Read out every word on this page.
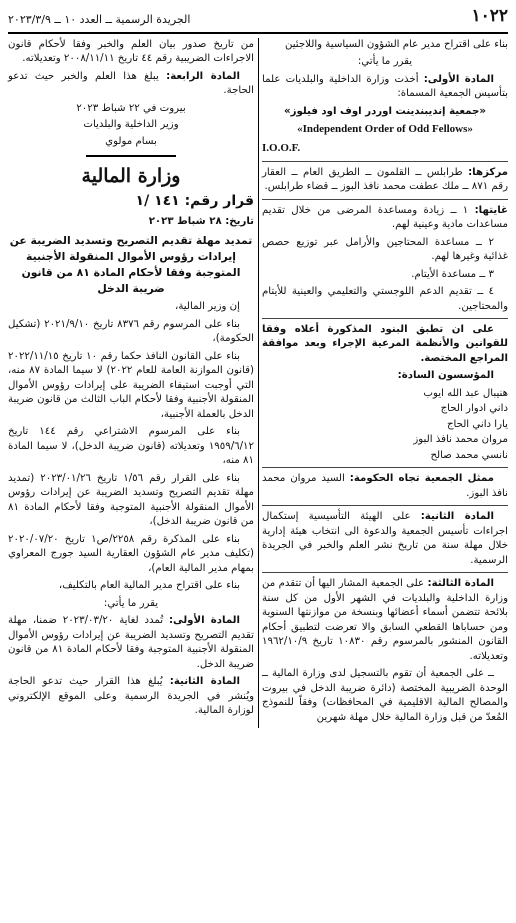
١٠٢٢
الجريدة الرسمية ــ العدد ١٠ ــ ٢٠٢٣/٣/٩

بناء على اقتراح مدير عام الشؤون السياسية واللاجئين

يقرر ما يأتي:

المادة الأولى: أخذت وزارة الداخلية والبلديات علما بتأسيس الجمعية المسماة:

«جمعية إنديبندينت اوردر اوف اود فيلوز»

«Independent Order of Odd Fellows»

I.O.O.F.

مركزها: طرابلس ــ القلمون ــ الطريق العام ــ العقار رقم ٨٧١ ــ ملك عطفت محمد نافذ البوز ــ قضاء طرابلس.

غايتها: ١ ــ زيادة ومساعدة المرضى من خلال تقديم مساعدات مادية وعينية لهم.

٢ ــ مساعدة المحتاجين والأرامل عبر توزيع حصص غذائية وغيرها لهم.

٣ ــ مساعدة الأيتام.

٤ ــ تقديم الدعم اللوجستي والتعليمي والعينية للأيتام والمحتاجين.

على ان تطبق البنود المذكورة أعلاه وفقا للقوانين والأنظمة المرعية الإجراء وبعد موافقة المراجع المختصة.

المؤسسون السادة:

هنيبال عبد الله ايوب

داني ادوار الحاج

يارا داني الحاج

مروان محمد نافذ البوز

نانسي محمد صالح

ممثل الجمعية تجاه الحكومة: السيد مروان محمد نافذ البوز.

المادة الثانية: على الهيئة التأسيسية إستكمال اجراءات تأسيس الجمعية والدعوة الى انتخاب هيئة إدارية خلال مهلة سنة من تاريخ نشر العلم والخبر في الجريدة الرسمية.

المادة الثالثة: على الجمعية المشار اليها أن تتقدم من وزارة الداخلية والبلديات في الشهر الأول من كل سنة بلائحة تتضمن أسماء أعضائها وبنسخة من موازنتها السنوية ومن حساباها القطعي السابق والا تعرضت لتطبيق أحكام القانون المنشور بالمرسوم رقم ١٠٨٣٠ تاريخ ١٩٦٢/١٠/٩ وتعديلاته.

ــ على الجمعية أن تقوم بالتسجيل لدى وزارة المالية ــ الوحدة الضريبية المختصة (دائرة ضريبة الدخل في بيروت والمصالح المالية الاقليمية في المحافظات) وفقاً للنموذج المُعدّ من قبل وزارة المالية خلال مهلة شهرين

من تاريخ صدور بيان العلم والخبر وفقا لأحكام قانون الاجراءات الضريبية رقم ٤٤ تاريخ ٢٠٠٨/١١/١١ وتعديلاته.

المادة الرابعة: يبلغ هذا العلم والخبر حيث تدعو الحاجة.

بيروت في ٢٢ شباط ٢٠٢٣

وزير الداخلية والبلديات

بسام مولوي

وزارة المالية

قرار رقم: ١٤١ /١

تاريخ: ٢٨ شباط ٢٠٢٣

تمديد مهلة تقديم التصريح وتسديد الضريبة عن إيرادات رؤوس الأموال المنقولة الأجنبية المتوجبة وفقا لأحكام المادة ٨١ من قانون ضريبة الدخل

إن وزير المالية،

بناء على المرسوم رقم ٨٣٧٦ تاريخ ٢٠٢١/٩/١٠ (تشكيل الحكومة)،

بناء على القانون النافذ حكما رقم ١٠ تاريخ ٢٠٢٢/١١/١٥ (قانون الموازنة العامة للعام ٢٠٢٢) لا سيما المادة ٨٧ منه، التي أوجبت استيفاء الضريبة على إيرادات رؤوس الأموال المنقولة الأجنبية وفقا لأحكام الباب الثالث من قانون ضريبة الدخل بالعملة الأجنبية،

بناء على المرسوم الاشتراعي رقم ١٤٤ تاريخ ١٩٥٩/٦/١٢ وتعديلاته (قانون ضريبة الدخل)، لا سيما المادة ٨١ منه،

بناء على القرار رقم ١/٥٦ تاريخ ٢٠٢٣/٠١/٢٦ (تمديد مهلة تقديم التصريح وتسديد الضريبة عن إيرادات رؤوس الأموال المنقولة الأجنبية المتوجبة وفقا لأحكام المادة ٨١ من قانون ضريبة الدخل)،

بناء على المذكرة رقم ٢٢٥٨/ص١ تاريخ ٢٠٢٠/٠٧/٢٠ (تكليف مدير عام الشؤون العقارية السيد جورج المعراوي بمهام مدير المالية العام)،

بناء على اقتراح مدير المالية العام بالتكليف،

يقرر ما يأتي:

المادة الأولى: تُمدد لغاية ٢٠٢٣/٠٣/٢٠ ضمنا، مهلة تقديم التصريح وتسديد الضريبة عن إيرادات رؤوس الأموال المنقولة الأجنبية المتوجبة وفقا لأحكام المادة ٨١ من قانون ضريبة الدخل.

المادة الثانية: يُبلغ هذا القرار حيث تدعو الحاجة ويُنشر في الجريدة الرسمية وعلى الموقع الإلكتروني لوزارة المالية.
